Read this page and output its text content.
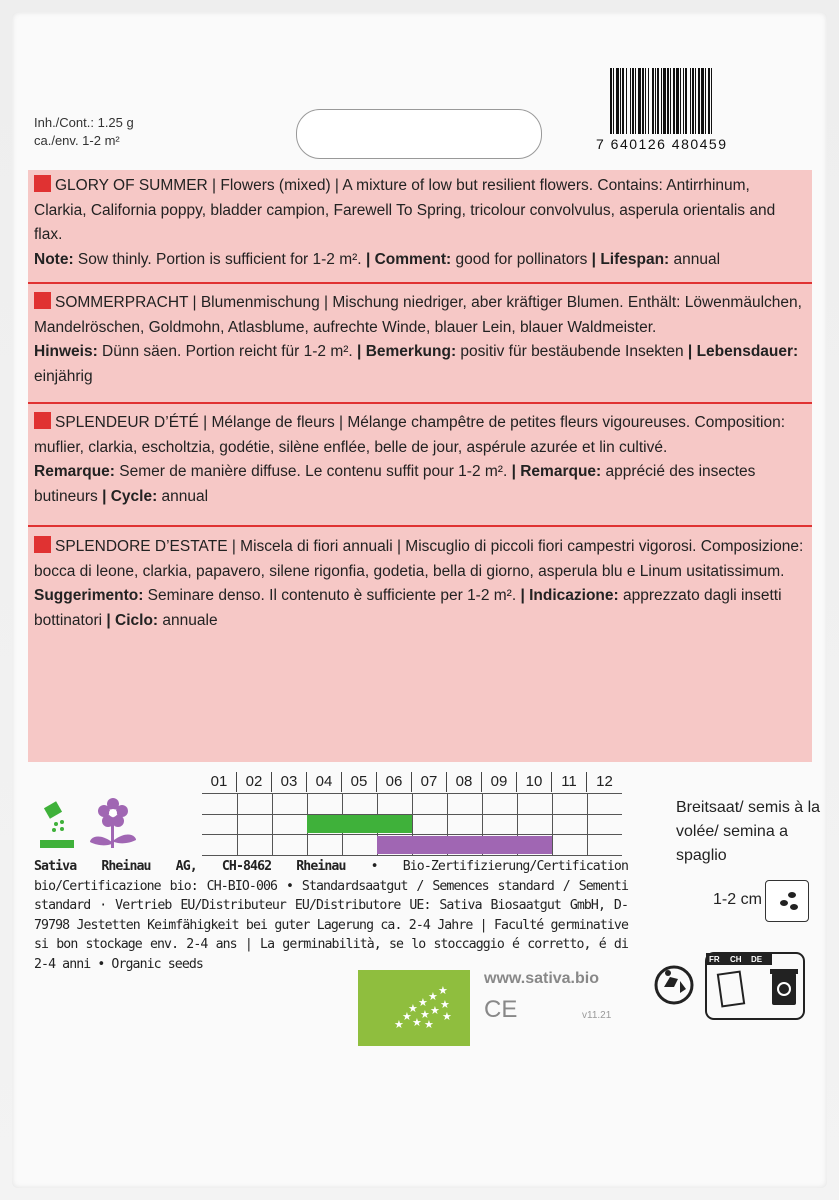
Inh./Cont.: 1.25 g
ca./env. 1-2 m²	7 640126 480459
GLORY OF SUMMER | Flowers (mixed) | A mixture of low but resilient flowers. Contains: Antirrhinum, Clarkia, California poppy, bladder campion, Farewell To Spring, tricolour convolvulus, asperula orientalis and flax.
Note: Sow thinly. Portion is sufficient for 1-2 m². | Comment: good for pollinators | Lifespan: annual
SOMMERPRACHT | Blumenmischung | Mischung niedriger, aber kräftiger Blumen. Enthält: Löwenmäulchen, Mandelröschen, Goldmohn, Atlasblume, aufrechte Winde, blauer Lein, blauer Waldmeister.
Hinweis: Dünn säen. Portion reicht für 1-2 m². | Bemerkung: positiv für bestäubende Insekten | Lebensdauer: einjährig
SPLENDEUR D’ÉTÉ | Mélange de fleurs | Mélange champêtre de petites fleurs vigoureuses. Composition: muflier, clarkia, escholtzia, godétie, silène enflée, belle de jour, aspérule azurée et lin cultivé.
Remarque: Semer de manière diffuse. Le contenu suffit pour 1-2 m². | Remarque: apprécié des insectes butineurs | Cycle: annual
SPLENDORE D’ESTATE | Miscela di fiori annuali | Miscuglio di piccoli fiori campestri vigorosi. Composizione: bocca di leone, clarkia, papavero, silene rigonfia, godetia, bella di giorno, asperula blu e Linum usitatissimum.
Suggerimento: Seminare denso. Il contenuto è sufficiente per 1-2 m². | Indicazione: apprezzato dagli insetti bottinatori | Ciclo: annuale
01	02	03	04	05	06	07	08	09	10	11	12
Breitsaat/ semis à la volée/ semina a spaglio
1-2 cm
Sativa Rheinau AG, CH-8462 Rheinau • Bio-Zertifizierung/Certification bio/Certificazione bio: CH-BIO-006 • Standardsaatgut / Semences standard / Sementi standard · Vertrieb EU/Distributeur EU/Distributore UE: Sativa Biosaatgut GmbH, D-79798 Jestetten Keimfähigkeit bei guter Lagerung ca. 2-4 Jahre | Faculté germinative si bon stockage env. 2-4 ans | La germinabilità, se lo stoccaggio é corretto, é di 2-4 anni • Organic seeds
★
★
★ ★ ★ ★
★ ★ ★
★ ★
★
www.sativa.bio
CE	v11.21
FR CH DE
